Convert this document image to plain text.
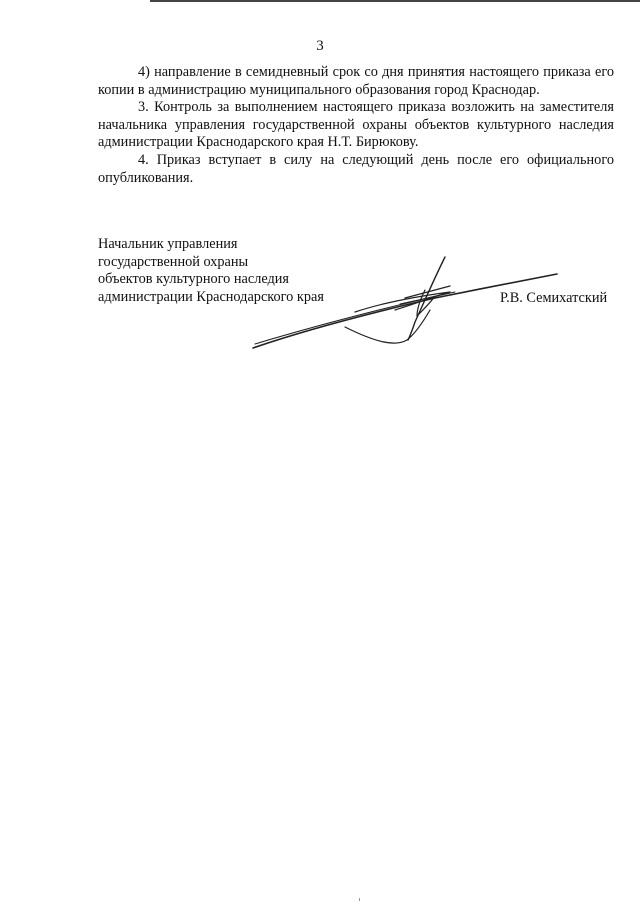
3

4) направление в семидневный срок со дня принятия настоящего приказа его копии в администрацию муниципального образования город Краснодар.

3. Контроль за выполнением настоящего приказа возложить на заместителя начальника управления государственной охраны объектов культурного наследия администрации Краснодарского края Н.Т. Бирюкову.

4. Приказ вступает в силу на следующий день после его официального опубликования.

Начальник управления
государственной охраны
объектов культурного наследия
администрации Краснодарского края	Р.В. Семихатский
